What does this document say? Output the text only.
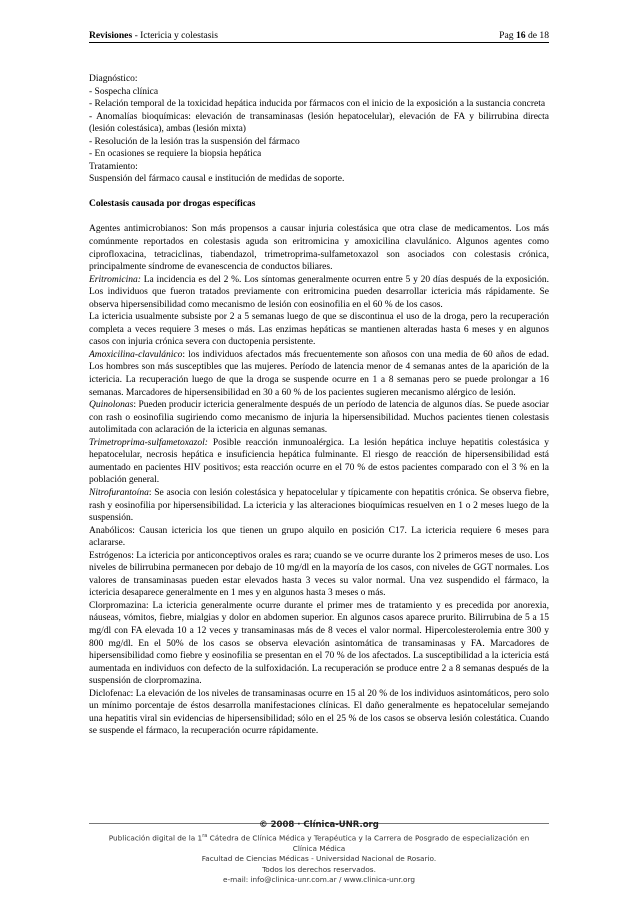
Revisiones - Ictericia y colestasis	Pag 16 de 18

Diagnóstico:

- Sospecha clínica

- Relación temporal de la toxicidad hepática inducida por fármacos con el inicio de la exposición a la sustancia concreta

- Anomalías bioquímicas: elevación de transaminasas (lesión hepatocelular), elevación de FA y bilirrubina directa (lesión colestásica), ambas (lesión mixta)

- Resolución de la lesión tras la suspensión del fármaco

- En ocasiones se requiere la biopsia hepática

Tratamiento:

Suspensión del fármaco causal e institución de medidas de soporte.

Colestasis causada por drogas específicas

Agentes antimicrobianos: Son más propensos a causar injuria colestásica que otra clase de medicamentos. Los más comúnmente reportados en colestasis aguda son eritromicina y amoxicilina clavulánico. Algunos agentes como ciprofloxacina, tetraciclinas, tiabendazol, trimetroprima-sulfametoxazol son asociados con colestasis crónica, principalmente síndrome de evanescencia de conductos biliares.

Eritromicina: La incidencia es del 2 %. Los síntomas generalmente ocurren entre 5 y 20 días después de la exposición. Los individuos que fueron tratados previamente con eritromicina pueden desarrollar ictericia más rápidamente. Se observa hipersensibilidad como mecanismo de lesión con eosinofilia en el 60 % de los casos.

La ictericia usualmente subsiste por 2 a 5 semanas luego de que se discontinua el uso de la droga, pero la recuperación completa a veces requiere 3 meses o más. Las enzimas hepáticas se mantienen alteradas hasta 6 meses y en algunos casos con injuria crónica severa con ductopenia persistente.

Amoxicilina-clavulánico: los individuos afectados más frecuentemente son añosos con una media de 60 años de edad. Los hombres son más susceptibles que las mujeres. Período de latencia menor de 4 semanas antes de la aparición de la ictericia. La recuperación luego de que la droga se suspende ocurre en 1 a 8 semanas pero se puede prolongar a 16 semanas. Marcadores de hipersensibilidad en 30 a 60 % de los pacientes sugieren mecanismo alérgico de lesión.

Quinolonas: Pueden producir ictericia generalmente después de un período de latencia de algunos días. Se puede asociar con rash o eosinofilia sugiriendo como mecanismo de injuria la hipersensibilidad. Muchos pacientes tienen colestasis autolimitada con aclaración de la ictericia en algunas semanas.

Trimetroprima-sulfametoxazol: Posible reacción inmunoalérgica. La lesión hepática incluye hepatitis colestásica y hepatocelular, necrosis hepática e insuficiencia hepática fulminante. El riesgo de reacción de hipersensibilidad está aumentado en pacientes HIV positivos; esta reacción ocurre en el 70 % de estos pacientes comparado con el 3 % en la población general.

Nitrofurantoína: Se asocia con lesión colestásica y hepatocelular y típicamente con hepatitis crónica. Se observa fiebre, rash y eosinofilia por hipersensibilidad. La ictericia y las alteraciones bioquímicas resuelven en 1 o 2 meses luego de la suspensión.

Anabólicos: Causan ictericia los que tienen un grupo alquilo en posición C17. La ictericia requiere 6 meses para aclararse.

Estrógenos: La ictericia por anticonceptivos orales es rara; cuando se ve ocurre durante los 2 primeros meses de uso. Los niveles de bilirrubina permanecen por debajo de 10 mg/dl en la mayoría de los casos, con niveles de GGT normales. Los valores de transaminasas pueden estar elevados hasta 3 veces su valor normal. Una vez suspendido el fármaco, la ictericia desaparece generalmente en 1 mes y en algunos hasta 3 meses o más.

Clorpromazina: La ictericia generalmente ocurre durante el primer mes de tratamiento y es precedida por anorexia, náuseas, vómitos, fiebre, mialgias y dolor en abdomen superior. En algunos casos aparece prurito. Bilirrubina de 5 a 15 mg/dl con FA elevada 10 a 12 veces y transaminasas más de 8 veces el valor normal. Hipercolesterolemia entre 300 y 800 mg/dl. En el 50% de los casos se observa elevación asintomática de transaminasas y FA. Marcadores de hipersensibilidad como fiebre y eosinofilia se presentan en el 70 % de los afectados. La susceptibilidad a la ictericia está aumentada en individuos con defecto de la sulfoxidación. La recuperación se produce entre 2 a 8 semanas después de la suspensión de clorpromazina.

Diclofenac: La elevación de los niveles de transaminasas ocurre en 15 al 20 % de los individuos asintomáticos, pero solo un mínimo porcentaje de éstos desarrolla manifestaciones clínicas. El daño generalmente es hepatocelular semejando una hepatitis viral sin evidencias de hipersensibilidad; sólo en el 25 % de los casos se observa lesión colestática. Cuando se suspende el fármaco, la recuperación ocurre rápidamente.

© 2008 · Clínica-UNR.org
Publicación digital de la $1^{ra}$ Cátedra de Clínica Médica y Terapéutica y la Carrera de Posgrado de especialización en
Clínica Médica
Facultad de Ciencias Médicas - Universidad Nacional de Rosario.
Todos los derechos reservados.
e-mail: info@clinica-unr.com.ar / www.clinica-unr.org
